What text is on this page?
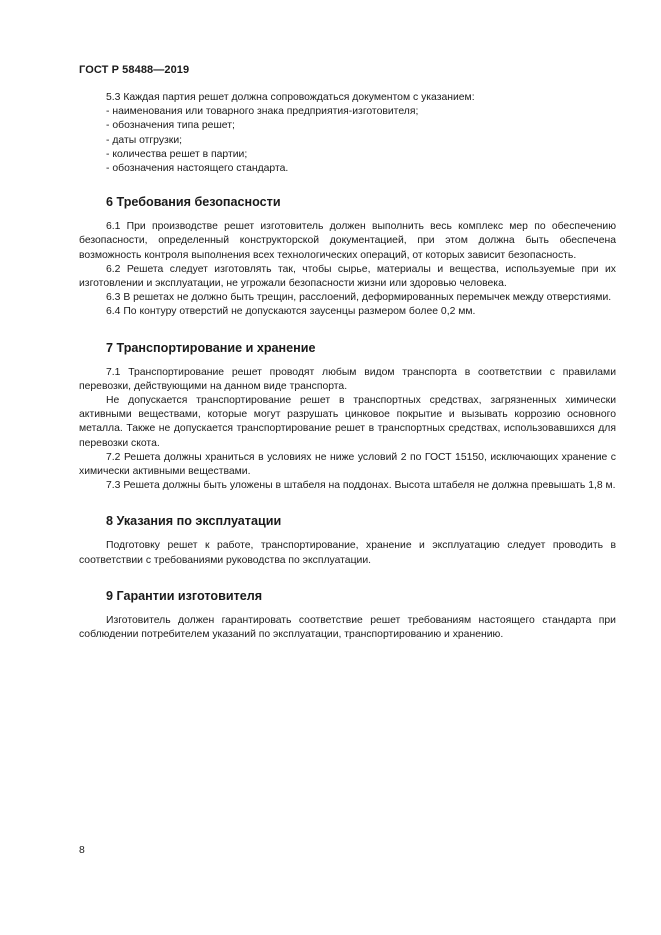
ГОСТ Р 58488—2019

5.3 Каждая партия решет должна сопровождаться документом с указанием:

- наименования или товарного знака предприятия-изготовителя;
- обозначения типа решет;
- даты отгрузки;
- количества решет в партии;
- обозначения настоящего стандарта.
6 Требования безопасности

6.1 При производстве решет изготовитель должен выполнить весь комплекс мер по обеспечению безопасности, определенный конструкторской документацией, при этом должна быть обеспечена возможность контроля выполнения всех технологических операций, от которых зависит безопасность.

6.2 Решета следует изготовлять так, чтобы сырье, материалы и вещества, используемые при их изготовлении и эксплуатации, не угрожали безопасности жизни или здоровью человека.

6.3 В решетах не должно быть трещин, расслоений, деформированных перемычек между отверстиями.

6.4 По контуру отверстий не допускаются заусенцы размером более 0,2 мм.

7 Транспортирование и хранение

7.1 Транспортирование решет проводят любым видом транспорта в соответствии с правилами перевозки, действующими на данном виде транспорта.

Не допускается транспортирование решет в транспортных средствах, загрязненных химически активными веществами, которые могут разрушать цинковое покрытие и вызывать коррозию основного металла. Также не допускается транспортирование решет в транспортных средствах, использовавшихся для перевозки скота.

7.2 Решета должны храниться в условиях не ниже условий 2 по ГОСТ 15150, исключающих хранение с химически активными веществами.

7.3 Решета должны быть уложены в штабеля на поддонах. Высота штабеля не должна превышать 1,8 м.

8 Указания по эксплуатации

Подготовку решет к работе, транспортирование, хранение и эксплуатацию следует проводить в соответствии с требованиями руководства по эксплуатации.

9 Гарантии изготовителя

Изготовитель должен гарантировать соответствие решет требованиям настоящего стандарта при соблюдении потребителем указаний по эксплуатации, транспортированию и хранению.

8
